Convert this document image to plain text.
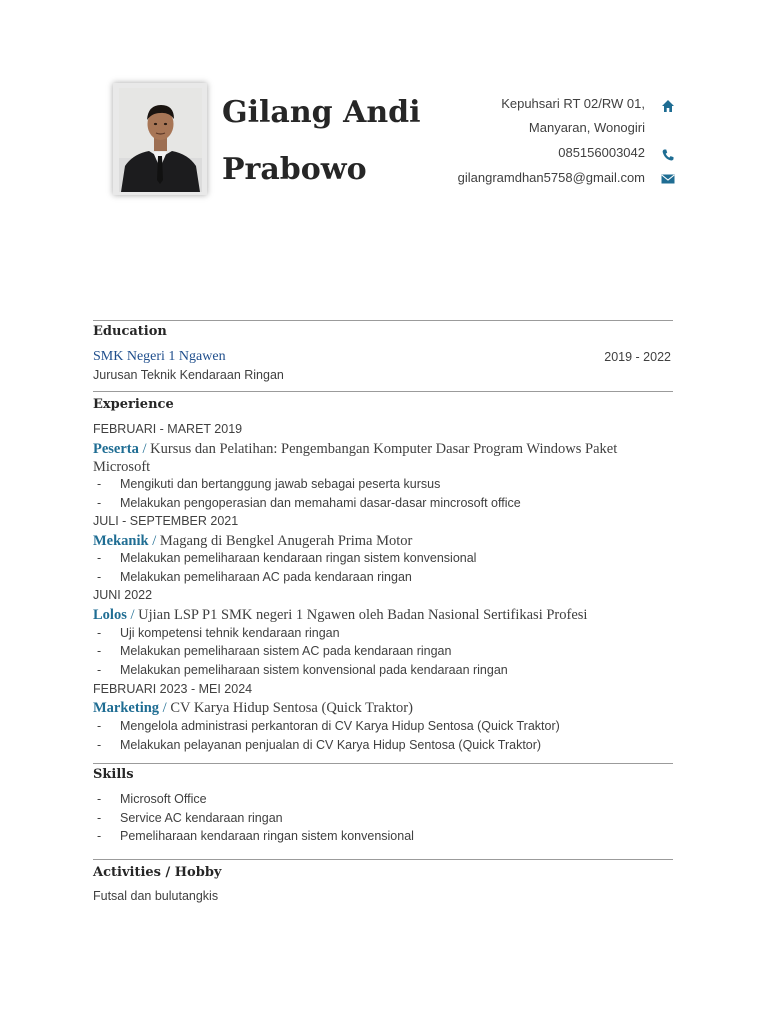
Gilang Andi
Prabowo
Kepuhsari RT 02/RW 01,
Manyaran, Wonogiri
085156003042
gilangramdhan5758@gmail.com
Education
SMK Negeri 1 Ngawen	2019 - 2022
Jurusan Teknik Kendaraan Ringan
Experience
FEBRUARI - MARET 2019
Peserta / Kursus dan Pelatihan: Pengembangan Komputer Dasar Program Windows Paket Microsoft
- Mengikuti dan bertanggung jawab sebagai peserta kursus
- Melakukan pengoperasian dan memahami dasar-dasar mincrosoft office
JULI - SEPTEMBER 2021
Mekanik / Magang di Bengkel Anugerah Prima Motor
- Melakukan pemeliharaan kendaraan ringan sistem konvensional
- Melakukan pemeliharaan AC pada kendaraan ringan
JUNI 2022
Lolos / Ujian LSP P1 SMK negeri 1 Ngawen oleh Badan Nasional Sertifikasi Profesi
- Uji kompetensi tehnik kendaraan ringan
- Melakukan pemeliharaan sistem AC pada kendaraan ringan
- Melakukan pemeliharaan sistem konvensional pada kendaraan ringan
FEBRUARI 2023 - MEI 2024
Marketing / CV Karya Hidup Sentosa (Quick Traktor)
- Mengelola administrasi perkantoran di CV Karya Hidup Sentosa (Quick Traktor)
- Melakukan pelayanan penjualan di CV Karya Hidup Sentosa (Quick Traktor)
Skills
- Microsoft Office
- Service AC kendaraan ringan
- Pemeliharaan kendaraan ringan sistem konvensional
Activities / Hobby
Futsal dan bulutangkis
